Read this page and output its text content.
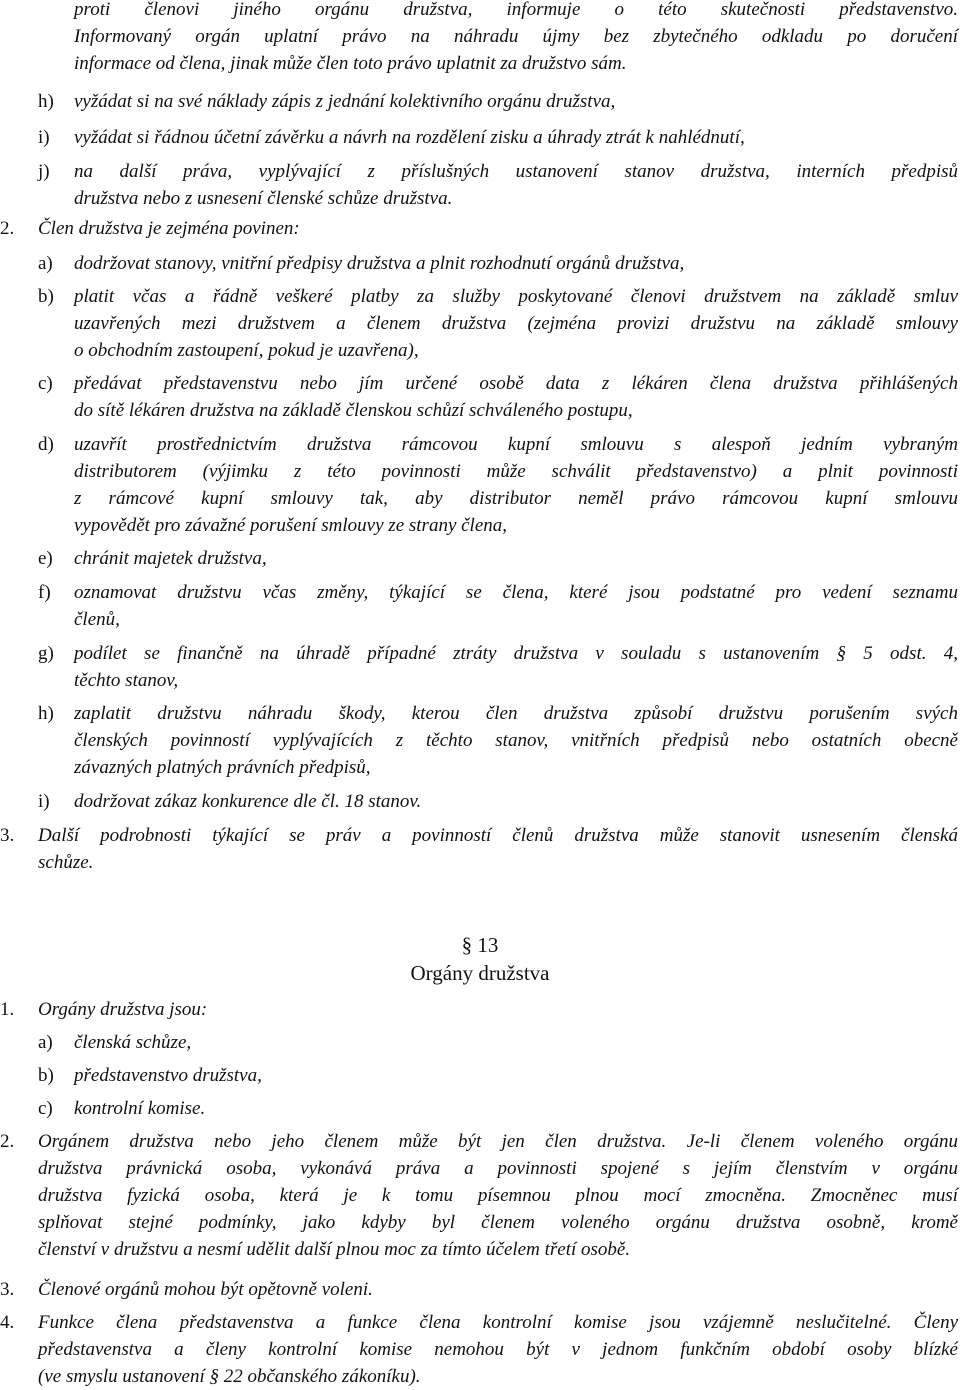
proti členovi jiného orgánu družstva, informuje o této skutečnosti představenstvo.
Informovaný orgán uplatní právo na náhradu újmy bez zbytečného odkladu po doručení
informace od člena, jinak může člen toto právo uplatnit za družstvo sám.
h) vyžádat si na své náklady zápis z jednání kolektivního orgánu družstva,
i) vyžádat si řádnou účetní závěrku a návrh na rozdělení zisku a úhrady ztrát k nahlédnutí,
j) na další práva, vyplývající z příslušných ustanovení stanov družstva, interních předpisů
družstva nebo z usnesení členské schůze družstva.
2. Člen družstva je zejména povinen:
a) dodržovat stanovy, vnitřní předpisy družstva a plnit rozhodnutí orgánů družstva,
b) platit včas a řádně veškeré platby za služby poskytované členovi družstvem na základě smluv
uzavřených mezi družstvem a členem družstva (zejména provizi družstvu na základě smlouvy
o obchodním zastoupení, pokud je uzavřena),
c) předávat představenstvu nebo jím určené osobě data z lékáren člena družstva přihlášených
do sítě lékáren družstva na základě členskou schůzí schváleného postupu,
d) uzavřít prostřednictvím družstva rámcovou kupní smlouvu s alespoň jedním vybraným
distributorem (výjimku z této povinnosti může schválit představenstvo) a plnit povinnosti
z rámcové kupní smlouvy tak, aby distributor neměl právo rámcovou kupní smlouvu
vypovědět pro závažné porušení smlouvy ze strany člena,
e) chránit majetek družstva,
f) oznamovat družstvu včas změny, týkající se člena, které jsou podstatné pro vedení seznamu
členů,
g) podílet se finančně na úhradě případné ztráty družstva v souladu s ustanovením § 5 odst. 4,
těchto stanov,
h) zaplatit družstvu náhradu škody, kterou člen družstva způsobí družstvu porušením svých
členských povinností vyplývajících z těchto stanov, vnitřních předpisů nebo ostatních obecně
závazných platných právních předpisů,
i) dodržovat zákaz konkurence dle čl. 18 stanov.
3. Další podrobnosti týkající se práv a povinností členů družstva může stanovit usnesením členská
schůze.
§ 13
Orgány družstva
1. Orgány družstva jsou:
a) členská schůze,
b) představenstvo družstva,
c) kontrolní komise.
2. Orgánem družstva nebo jeho členem může být jen člen družstva. Je-li členem voleného orgánu
družstva právnická osoba, vykonává práva a povinnosti spojené s jejím členstvím v orgánu
družstva fyzická osoba, která je k tomu písemnou plnou mocí zmocněna. Zmocněnec musí
splňovat stejné podmínky, jako kdyby byl členem voleného orgánu družstva osobně, kromě
členství v družstvu a nesmí udělit další plnou moc za tímto účelem třetí osobě.
3. Členové orgánů mohou být opětovně voleni.
4. Funkce člena představenstva a funkce člena kontrolní komise jsou vzájemně neslučitelné. Členy
představenstva a členy kontrolní komise nemohou být v jednom funkčním období osoby blízké
(ve smyslu ustanovení § 22 občanského zákoníku).
